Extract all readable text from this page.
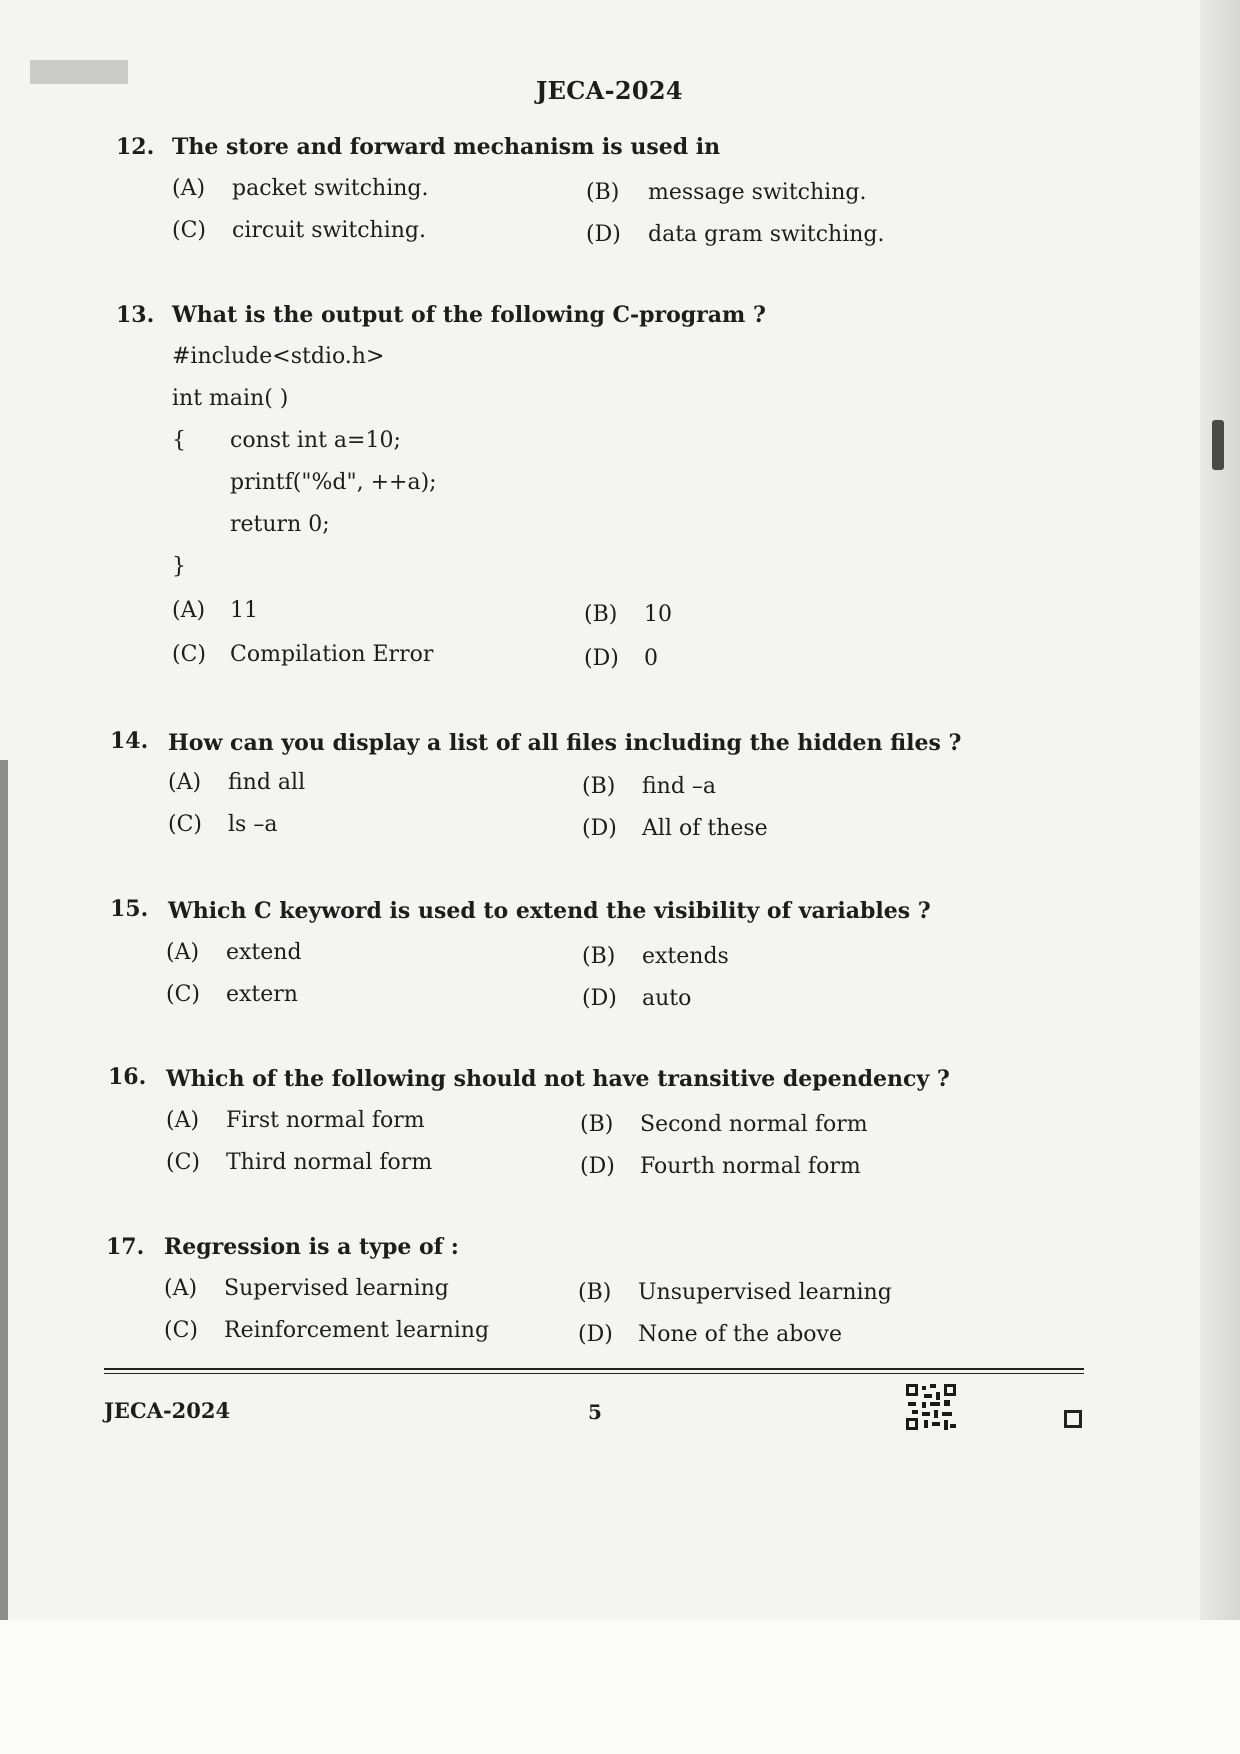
JECA-2024
12. The store and forward mechanism is used in
(A) packet switching.	(B) message switching.
(C) circuit switching.	(D) data gram switching.
13. What is the output of the following C-program ?
#include<stdio.h>
int main( )
{ const int a=10;
printf("%d", ++a);
return 0;
}
(A) 11	(B) 10
(C) Compilation Error	(D) 0
14. How can you display a list of all files including the hidden files ?
(A) find all	(B) find –a
(C) ls –a	(D) All of these
15. Which C keyword is used to extend the visibility of variables ?
(A) extend	(B) extends
(C) extern	(D) auto
16. Which of the following should not have transitive dependency ?
(A) First normal form	(B) Second normal form
(C) Third normal form	(D) Fourth normal form
17. Regression is a type of :
(A) Supervised learning	(B) Unsupervised learning
(C) Reinforcement learning	(D) None of the above
JECA-2024	5
